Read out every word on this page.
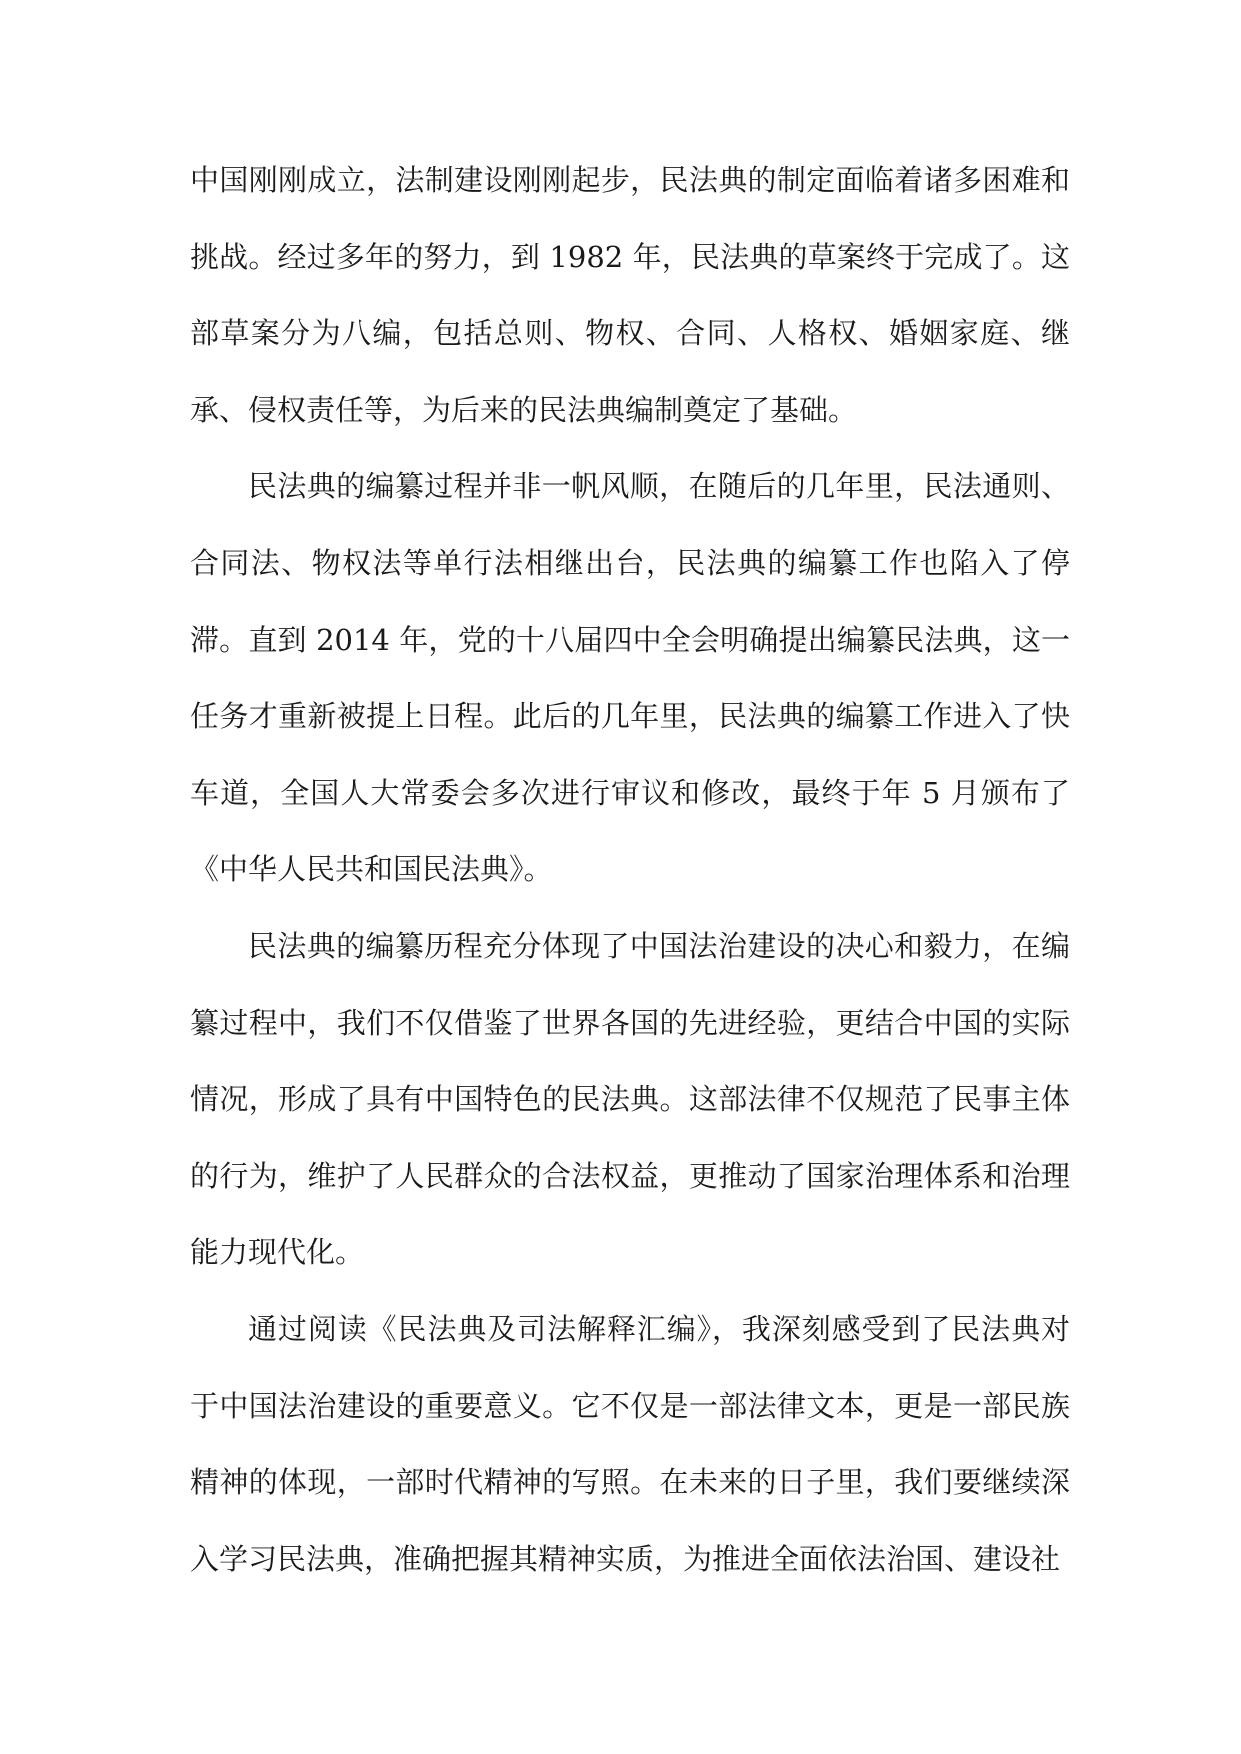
中国刚刚成立，法制建设刚刚起步，民法典的制定面临着诸多困难和挑战。经过多年的努力，到 1982 年，民法典的草案终于完成了。这部草案分为八编，包括总则、物权、合同、人格权、婚姻家庭、继承、侵权责任等，为后来的民法典编制奠定了基础。

民法典的编纂过程并非一帆风顺，在随后的几年里，民法通则、合同法、物权法等单行法相继出台，民法典的编纂工作也陷入了停滞。直到 2014 年，党的十八届四中全会明确提出编纂民法典，这一任务才重新被提上日程。此后的几年里，民法典的编纂工作进入了快车道，全国人大常委会多次进行审议和修改，最终于年 5 月颁布了《中华人民共和国民法典》。

民法典的编纂历程充分体现了中国法治建设的决心和毅力，在编纂过程中，我们不仅借鉴了世界各国的先进经验，更结合中国的实际情况，形成了具有中国特色的民法典。这部法律不仅规范了民事主体的行为，维护了人民群众的合法权益，更推动了国家治理体系和治理能力现代化。

通过阅读《民法典及司法解释汇编》，我深刻感受到了民法典对于中国法治建设的重要意义。它不仅是一部法律文本，更是一部民族精神的体现，一部时代精神的写照。在未来的日子里，我们要继续深入学习民法典，准确把握其精神实质，为推进全面依法治国、建设社
